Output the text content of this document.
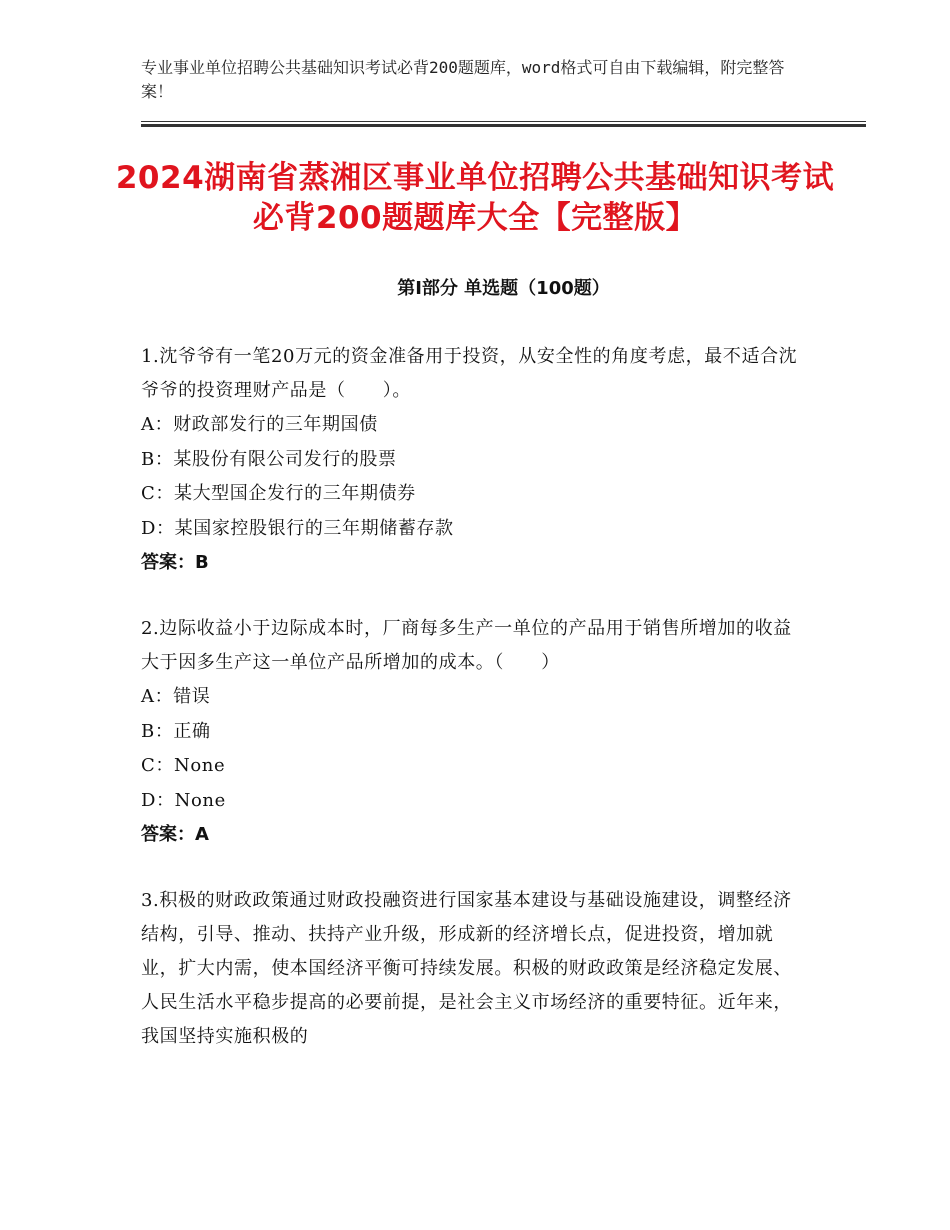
专业事业单位招聘公共基础知识考试必背200题题库，word格式可自由下载编辑，附完整答案！
2024湖南省蒸湘区事业单位招聘公共基础知识考试必背200题题库大全【完整版】
第Ⅰ部分 单选题（100题）
1.沈爷爷有一笔20万元的资金准备用于投资，从安全性的角度考虑，最不适合沈爷爷的投资理财产品是（　　）。
A：财政部发行的三年期国债
B：某股份有限公司发行的股票
C：某大型国企发行的三年期债券
D：某国家控股银行的三年期储蓄存款
答案：B
2.边际收益小于边际成本时，厂商每多生产一单位的产品用于销售所增加的收益大于因多生产这一单位产品所增加的成本。（　　）
A：错误
B：正确
C：None
D：None
答案：A
3.积极的财政政策通过财政投融资进行国家基本建设与基础设施建设，调整经济结构，引导、推动、扶持产业升级，形成新的经济增长点，促进投资，增加就业，扩大内需，使本国经济平衡可持续发展。积极的财政政策是经济稳定发展、人民生活水平稳步提高的必要前提，是社会主义市场经济的重要特征。近年来，我国坚持实施积极的
